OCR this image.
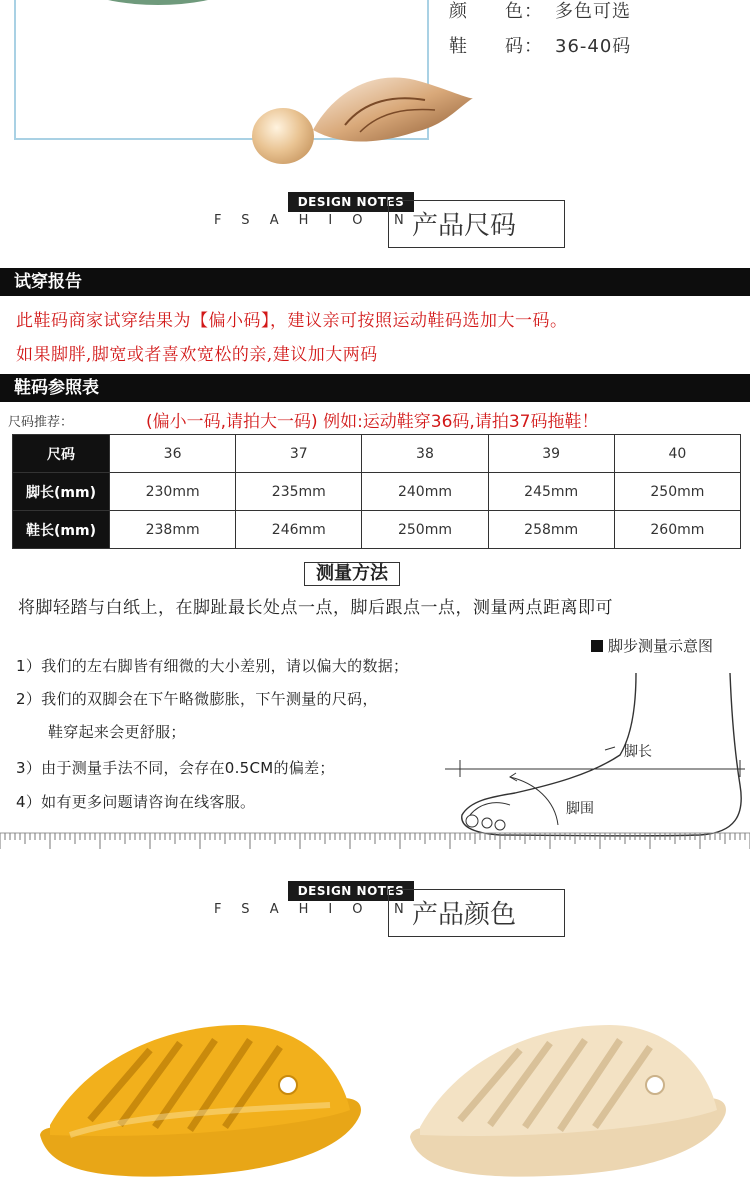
颜 色： 多色可选
鞋 码： 36-40码
DESIGN NOTES
FSAHIO N 产品尺码
试穿报告
此鞋码商家试穿结果为【偏小码】，建议亲可按照运动鞋码选加大一码。
如果脚胖,脚宽或者喜欢宽松的亲,建议加大两码
鞋码参照表
尺码推荐：	(偏小一码,请拍大一码) 例如:运动鞋穿36码,请拍37码拖鞋！
尺码	36	37	38	39	40
脚长(mm)	230mm	235mm	240mm	245mm	250mm
鞋长(mm)	238mm	246mm	250mm	258mm	260mm
测量方法
将脚轻踏与白纸上，在脚趾最长处点一点，脚后跟点一点，测量两点距离即可
1）我们的左右脚皆有细微的大小差别，请以偏大的数据；
2）我们的双脚会在下午略微膨胀，下午测量的尺码，
鞋穿起来会更舒服；
3）由于测量手法不同，会存在0.5CM的偏差；
4）如有更多问题请咨询在线客服。
脚步测量示意图
脚长
脚围
DESIGN NOTES
FSAHIO N 产品颜色
